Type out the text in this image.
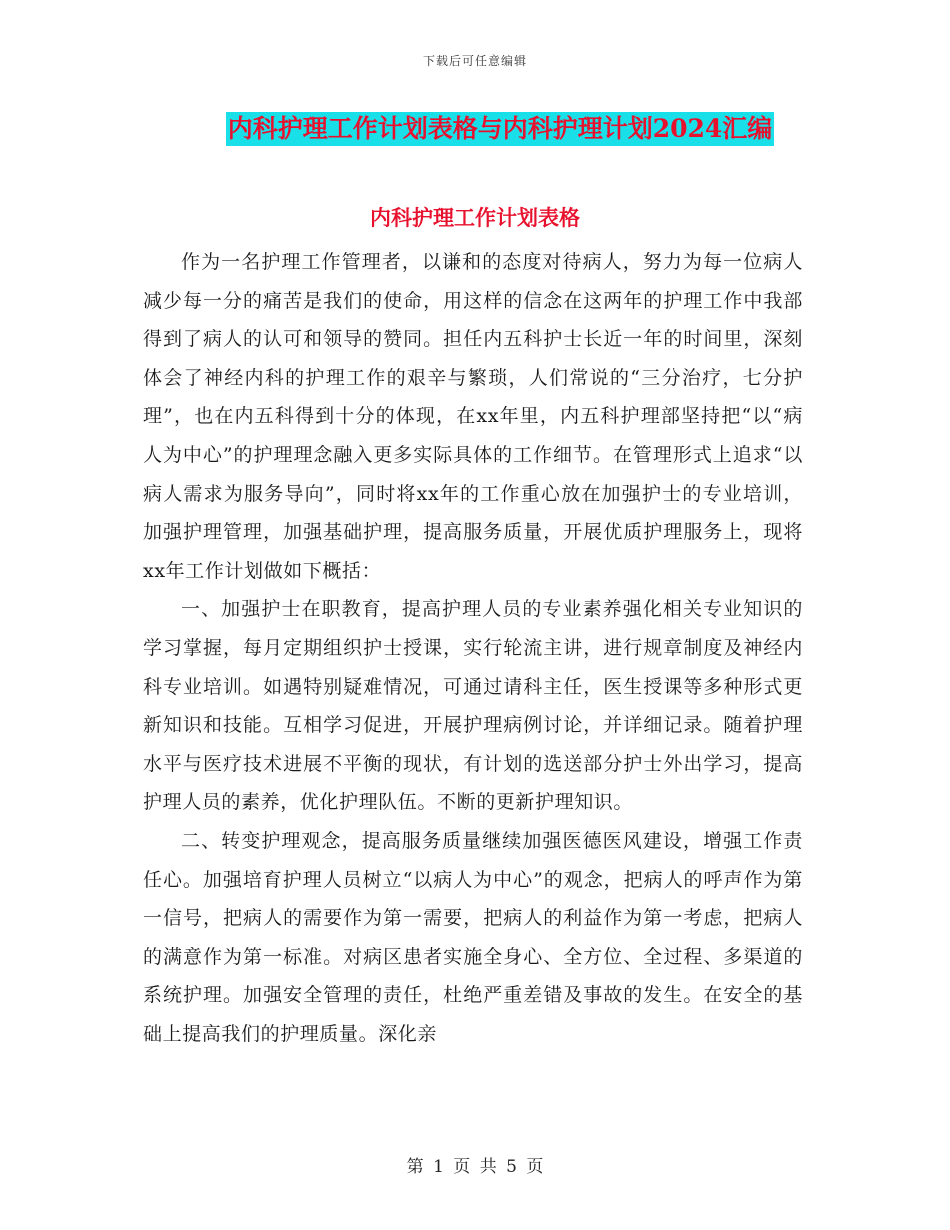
下载后可任意编辑
内科护理工作计划表格与内科护理计划2024汇编
内科护理工作计划表格

作为一名护理工作管理者，以谦和的态度对待病人，努力为每一位病人减少每一分的痛苦是我们的使命，用这样的信念在这两年的护理工作中我部得到了病人的认可和领导的赞同。担任内五科护士长近一年的时间里，深刻体会了神经内科的护理工作的艰辛与繁琐，人们常说的“三分治疗，七分护理”，也在内五科得到十分的体现，在xx年里，内五科护理部坚持把“以“病人为中心”的护理理念融入更多实际具体的工作细节。在管理形式上追求“以病人需求为服务导向”，同时将xx年的工作重心放在加强护士的专业培训，加强护理管理，加强基础护理，提高服务质量，开展优质护理服务上，现将xx年工作计划做如下概括：

一、加强护士在职教育，提高护理人员的专业素养强化相关专业知识的学习掌握，每月定期组织护士授课，实行轮流主讲，进行规章制度及神经内科专业培训。如遇特别疑难情况，可通过请科主任，医生授课等多种形式更新知识和技能。互相学习促进，开展护理病例讨论，并详细记录。随着护理水平与医疗技术进展不平衡的现状，有计划的选送部分护士外出学习，提高护理人员的素养，优化护理队伍。不断的更新护理知识。

二、转变护理观念，提高服务质量继续加强医德医风建设，增强工作责任心。加强培育护理人员树立“以病人为中心”的观念，把病人的呼声作为第一信号，把病人的需要作为第一需要，把病人的利益作为第一考虑，把病人的满意作为第一标准。对病区患者实施全身心、全方位、全过程、多渠道的系统护理。加强安全管理的责任，杜绝严重差错及事故的发生。在安全的基础上提高我们的护理质量。深化亲

第 1 页 共 5 页
